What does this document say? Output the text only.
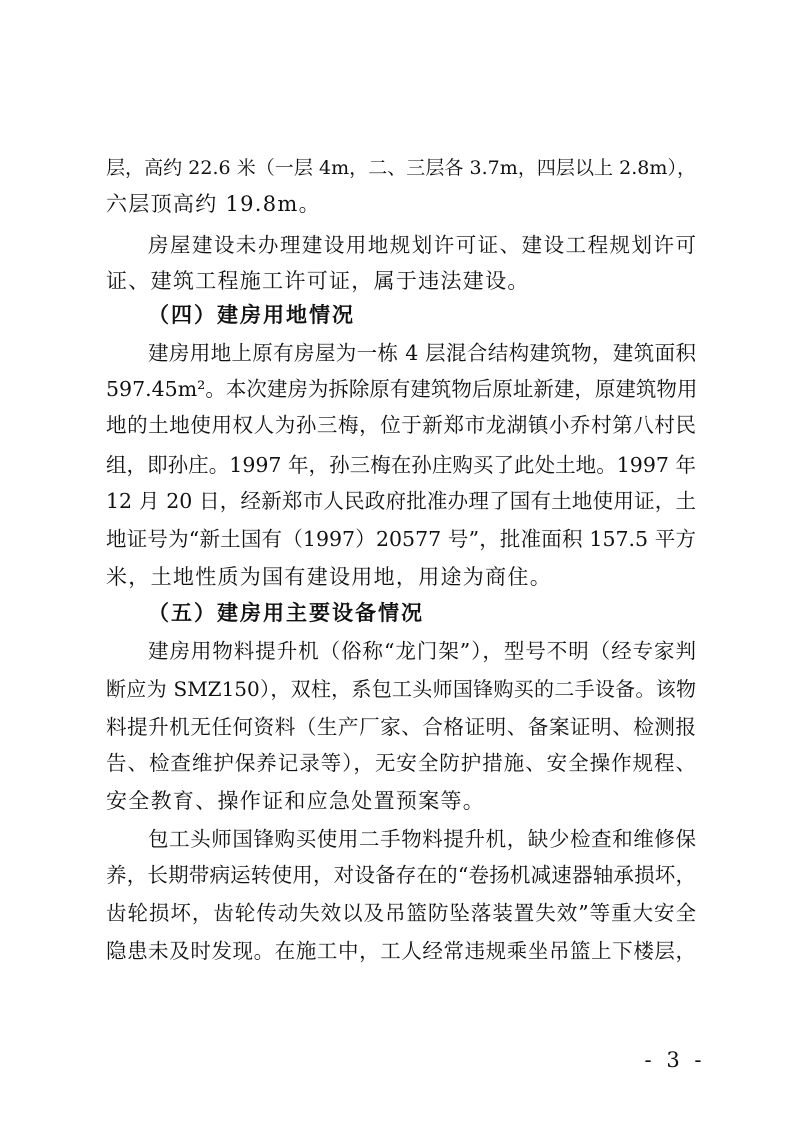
层，高约 22.6 米（一层 4m，二、三层各 3.7m，四层以上 2.8m），
六层顶高约 19.8m。
房屋建设未办理建设用地规划许可证、建设工程规划许可
证、建筑工程施工许可证，属于违法建设。
（四）建房用地情况
建房用地上原有房屋为一栋 4 层混合结构建筑物，建筑面积
597.45m²。本次建房为拆除原有建筑物后原址新建，原建筑物用
地的土地使用权人为孙三梅，位于新郑市龙湖镇小乔村第八村民
组，即孙庄。1997 年，孙三梅在孙庄购买了此处土地。1997 年
12 月 20 日，经新郑市人民政府批准办理了国有土地使用证，土
地证号为“新土国有（1997）20577 号”，批准面积 157.5 平方
米，土地性质为国有建设用地，用途为商住。
（五）建房用主要设备情况
建房用物料提升机（俗称“龙门架”），型号不明（经专家判
断应为 SMZ150），双柱，系包工头师国锋购买的二手设备。该物
料提升机无任何资料（生产厂家、合格证明、备案证明、检测报
告、检查维护保养记录等），无安全防护措施、安全操作规程、
安全教育、操作证和应急处置预案等。
包工头师国锋购买使用二手物料提升机，缺少检查和维修保
养，长期带病运转使用，对设备存在的“卷扬机减速器轴承损坏，
齿轮损坏，齿轮传动失效以及吊篮防坠落装置失效”等重大安全
隐患未及时发现。在施工中，工人经常违规乘坐吊篮上下楼层，
- 3 -
